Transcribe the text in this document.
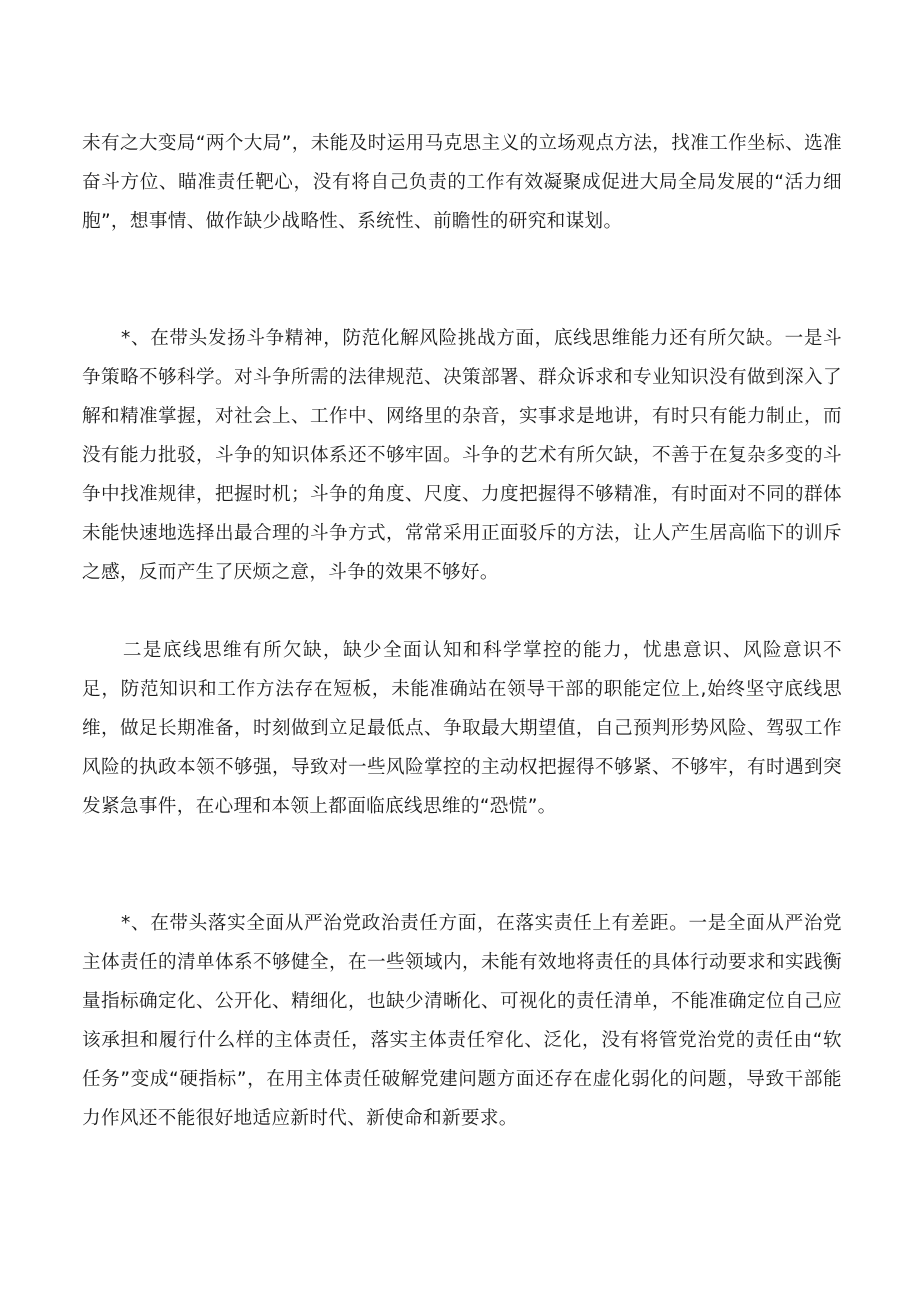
未有之大变局“两个大局”，未能及时运用马克思主义的立场观点方法，找准工作坐标、选准奋斗方位、瞄准责任靶心，没有将自己负责的工作有效凝聚成促进大局全局发展的“活力细胞”，想事情、做作缺少战略性、系统性、前瞻性的研究和谋划。

*、在带头发扬斗争精神，防范化解风险挑战方面，底线思维能力还有所欠缺。一是斗争策略不够科学。对斗争所需的法律规范、决策部署、群众诉求和专业知识没有做到深入了解和精准掌握，对社会上、工作中、网络里的杂音，实事求是地讲，有时只有能力制止，而没有能力批驳，斗争的知识体系还不够牢固。斗争的艺术有所欠缺，不善于在复杂多变的斗争中找准规律，把握时机；斗争的角度、尺度、力度把握得不够精准，有时面对不同的群体未能快速地选择出最合理的斗争方式，常常采用正面驳斥的方法，让人产生居高临下的训斥之感，反而产生了厌烦之意，斗争的效果不够好。

二是底线思维有所欠缺，缺少全面认知和科学掌控的能力，忧患意识、风险意识不足，防范知识和工作方法存在短板，未能准确站在领导干部的职能定位上,始终坚守底线思维，做足长期准备，时刻做到立足最低点、争取最大期望值，自己预判形势风险、驾驭工作风险的执政本领不够强，导致对一些风险掌控的主动权把握得不够紧、不够牢，有时遇到突发紧急事件，在心理和本领上都面临底线思维的“恐慌”。

*、在带头落实全面从严治党政治责任方面，在落实责任上有差距。一是全面从严治党主体责任的清单体系不够健全，在一些领域内，未能有效地将责任的具体行动要求和实践衡量指标确定化、公开化、精细化，也缺少清晰化、可视化的责任清单，不能准确定位自己应该承担和履行什么样的主体责任，落实主体责任窄化、泛化，没有将管党治党的责任由“软任务”变成“硬指标”，在用主体责任破解党建问题方面还存在虚化弱化的问题，导致干部能力作风还不能很好地适应新时代、新使命和新要求。
